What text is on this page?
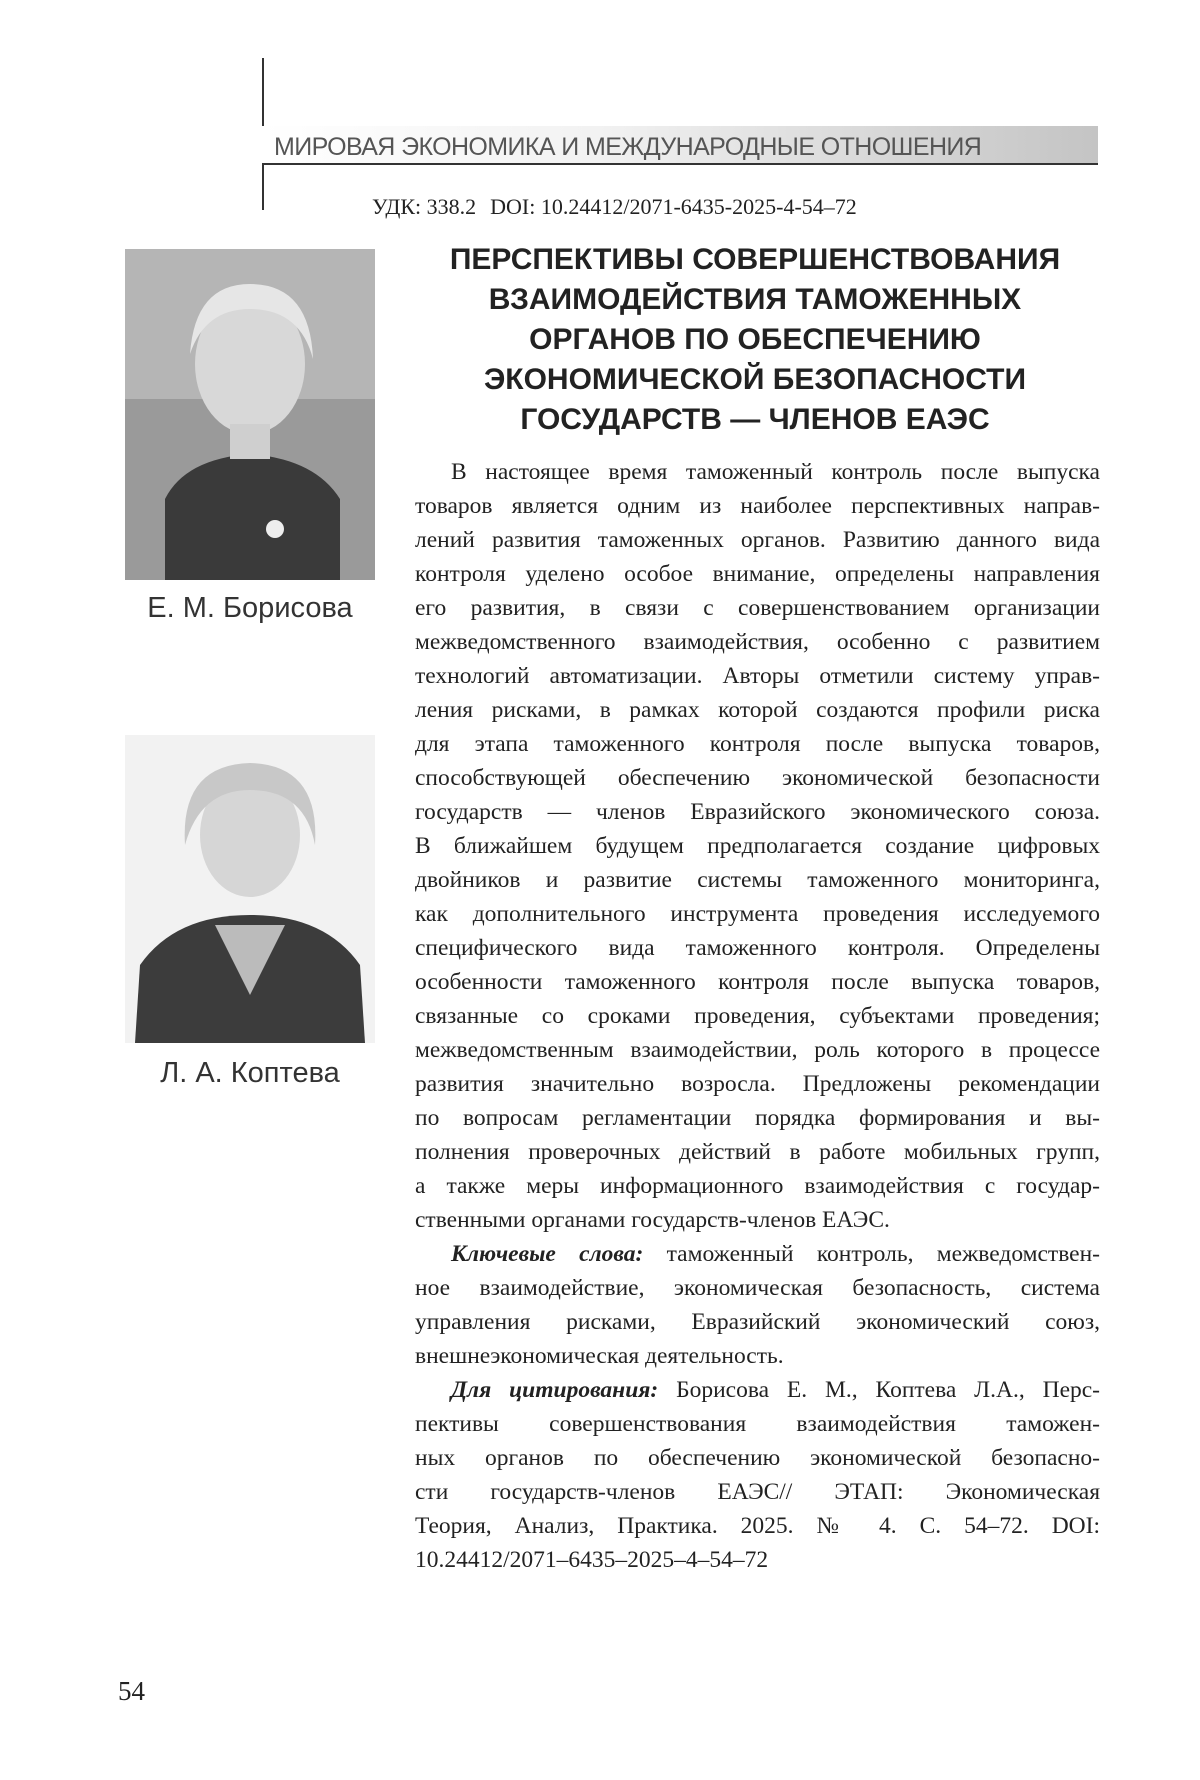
МИРОВАЯ ЭКОНОМИКА И МЕЖДУНАРОДНЫЕ ОТНОШЕНИЯ
УДК: 338.2 DOI: 10.24412/2071-6435-2025-4-54–72
Е. М. Борисова
Л. А. Коптева
ПЕРСПЕКТИВЫ СОВЕРШЕНСТВОВАНИЯ
ВЗАИМОДЕЙСТВИЯ ТАМОЖЕННЫХ
ОРГАНОВ ПО ОБЕСПЕЧЕНИЮ
ЭКОНОМИЧЕСКОЙ БЕЗОПАСНОСТИ
ГОСУДАРСТВ — ЧЛЕНОВ ЕАЭС
В настоящее время таможенный контроль после выпуска
товаров является одним из наиболее перспективных направ-
лений развития таможенных органов. Развитию данного вида
контроля уделено особое внимание, определены направления
его развития, в связи с совершенствованием организации
межведомственного взаимодействия, особенно с развитием
технологий автоматизации. Авторы отметили систему управ-
ления рисками, в рамках которой создаются профили риска
для этапа таможенного контроля после выпуска товаров,
способствующей обеспечению экономической безопасности
государств — членов Евразийского экономического союза.
В ближайшем будущем предполагается создание цифровых
двойников и развитие системы таможенного мониторинга,
как дополнительного инструмента проведения исследуемого
специфического вида таможенного контроля. Определены
особенности таможенного контроля после выпуска товаров,
связанные со сроками проведения, субъектами проведения;
межведомственным взаимодействии, роль которого в процессе
развития значительно возросла. Предложены рекомендации
по вопросам регламентации порядка формирования и вы-
полнения проверочных действий в работе мобильных групп,
а также меры информационного взаимодействия с государ-
ственными органами государств-членов ЕАЭС.
Ключевые слова: таможенный контроль, межведомствен-
ное взаимодействие, экономическая безопасность, система
управления рисками, Евразийский экономический союз,
внешнеэкономическая деятельность.
Для цитирования: Борисова Е. М., Коптева Л.А., Перс-
пективы совершенствования взаимодействия таможен-
ных органов по обеспечению экономической безопасно-
сти государств-членов ЕАЭС// ЭТАП: Экономическая
Теория, Анализ, Практика. 2025. № 4. С. 54–72. DOI:
10.24412/2071–6435–2025–4–54–72
54
